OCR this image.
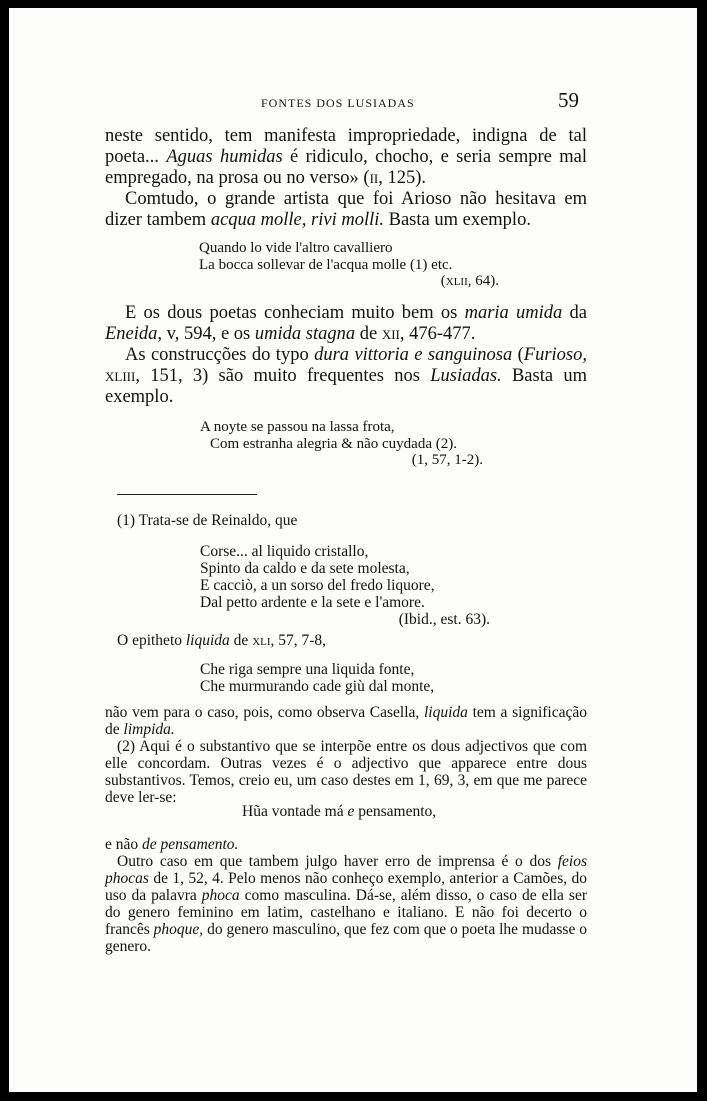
FONTES DOS LUSIADAS	59

neste sentido, tem manifesta impropriedade, indigna de tal poeta... Aguas humidas é ridiculo, chocho, e seria sempre mal empregado, na prosa ou no verso» (ii, 125).

Comtudo, o grande artista que foi Arioso não hesitava em dizer tambem acqua molle, rivi molli. Basta um exemplo.

Quando lo vide l'altro cavalliero
La bocca sollevar de l'acqua molle (1) etc.
(xlii, 64).

E os dous poetas conheciam muito bem os maria umida da Eneida, v, 594, e os umida stagna de xii, 476-477.

As construcções do typo dura vittoria e sanguinosa (Furioso, xliii, 151, 3) são muito frequentes nos Lusiadas. Basta um exemplo.

A noyte se passou na lassa frota,
Com estranha alegria & não cuydada (2).
(1, 57, 1-2).

(1) Trata-se de Reinaldo, que

Corse... al liquido cristallo,
Spinto da caldo e da sete molesta,
E cacciò, a un sorso del fredo liquore,
Dal petto ardente e la sete e l'amore.
(Ibid., est. 63).

O epitheto liquida de xli, 57, 7-8,

Che riga sempre una liquida fonte,
Che murmurando cade giù dal monte,

não vem para o caso, pois, como observa Casella, liquida tem a significação de limpida.

(2) Aqui é o substantivo que se interpõe entre os dous adjectivos que com elle concordam. Outras vezes é o adjectivo que apparece entre dous substantivos. Temos, creio eu, um caso destes em 1, 69, 3, em que me parece deve ler-se:

Hũa vontade má e pensamento,

e não de pensamento.

Outro caso em que tambem julgo haver erro de imprensa é o dos feios phocas de 1, 52, 4. Pelo menos não conheço exemplo, anterior a Camões, do uso da palavra phoca como masculina. Dá-se, além disso, o caso de ella ser do genero feminino em latim, castelhano e italiano. E não foi decerto o francês phoque, do genero masculino, que fez com que o poeta lhe mudasse o genero.
